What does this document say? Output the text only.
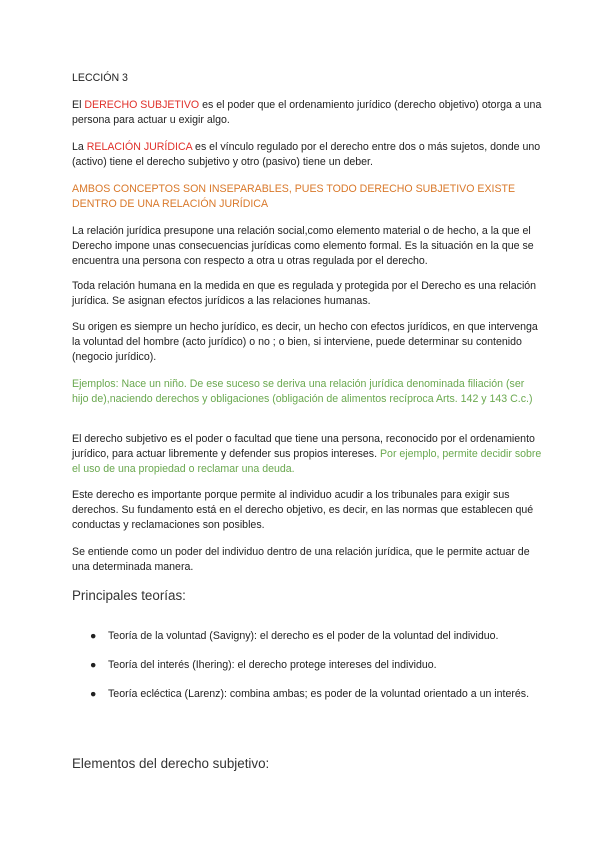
LECCIÓN 3

El DERECHO SUBJETIVO es el poder que el ordenamiento jurídico (derecho objetivo) otorga a una persona para actuar u exigir algo.

La RELACIÓN JURÍDICA es el vínculo regulado por el derecho entre dos o más sujetos, donde uno (activo) tiene el derecho subjetivo y otro (pasivo) tiene un deber.

AMBOS CONCEPTOS SON INSEPARABLES, PUES TODO DERECHO SUBJETIVO EXISTE DENTRO DE UNA RELACIÓN JURÍDICA

La relación jurídica presupone una relación social,como elemento material o de hecho, a la que el Derecho impone unas consecuencias jurídicas como elemento formal. Es la situación en la que se encuentra una persona con respecto a otra u otras regulada por el derecho.

Toda relación humana en la medida en que es regulada y protegida por el Derecho es una relación jurídica. Se asignan efectos jurídicos a las relaciones humanas.

Su origen es siempre un hecho jurídico, es decir, un hecho con efectos jurídicos, en que intervenga la voluntad del hombre (acto jurídico) o no ; o bien, si interviene, puede determinar su contenido (negocio jurídico).

Ejemplos: Nace un niño. De ese suceso se deriva una relación jurídica denominada filiación (ser hijo de),naciendo derechos y obligaciones (obligación de alimentos recíproca Arts. 142 y 143 C.c.)

El derecho subjetivo es el poder o facultad que tiene una persona, reconocido por el ordenamiento jurídico, para actuar libremente y defender sus propios intereses. Por ejemplo, permite decidir sobre el uso de una propiedad o reclamar una deuda.

Este derecho es importante porque permite al individuo acudir a los tribunales para exigir sus derechos. Su fundamento está en el derecho objetivo, es decir, en las normas que establecen qué conductas y reclamaciones son posibles.

Se entiende como un poder del individuo dentro de una relación jurídica, que le permite actuar de una determinada manera.

Principales teorías:
● Teoría de la voluntad (Savigny): el derecho es el poder de la voluntad del individuo.
● Teoría del interés (Ihering): el derecho protege intereses del individuo.
● Teoría ecléctica (Larenz): combina ambas; es poder de la voluntad orientado a un interés.
Elementos del derecho subjetivo:
